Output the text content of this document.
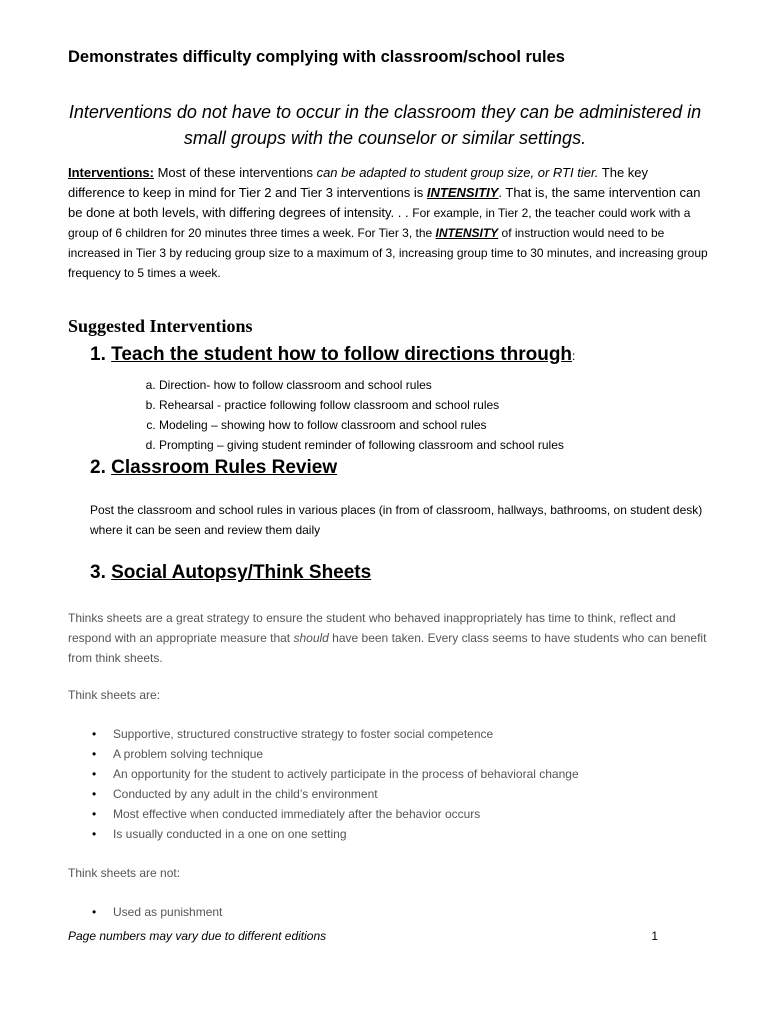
Demonstrates difficulty complying with classroom/school rules
Interventions do not have to occur in the classroom they can be administered in small groups with the counselor or similar settings.
Interventions: Most of these interventions can be adapted to student group size, or RTI tier. The key difference to keep in mind for Tier 2 and Tier 3 interventions is INTENSITIY. That is, the same intervention can be done at both levels, with differing degrees of intensity. . . For example, in Tier 2, the teacher could work with a group of 6 children for 20 minutes three times a week. For Tier 3, the INTENSITY of instruction would need to be increased in Tier 3 by reducing group size to a maximum of 3, increasing group time to 30 minutes, and increasing group frequency to 5 times a week.
Suggested Interventions
1. Teach the student how to follow directions through:
a. Direction- how to follow classroom and school rules
b. Rehearsal - practice following follow classroom and school rules
c. Modeling – showing how to follow classroom and school rules
d. Prompting – giving student reminder of following classroom and school rules
2. Classroom Rules Review
Post the classroom and school rules in various places (in from of classroom, hallways, bathrooms, on student desk) where it can be seen and review them daily
3. Social Autopsy/Think Sheets
Thinks sheets are a great strategy to ensure the student who behaved inappropriately has time to think, reflect and respond with an appropriate measure that should have been taken. Every class seems to have students who can benefit from think sheets.
Think sheets are:
• Supportive, structured constructive strategy to foster social competence
• A problem solving technique
• An opportunity for the student to actively participate in the process of behavioral change
• Conducted by any adult in the child’s environment
• Most effective when conducted immediately after the behavior occurs
• Is usually conducted in a one on one setting
Think sheets are not:
• Used as punishment
Page numbers may vary due to different editions	1
